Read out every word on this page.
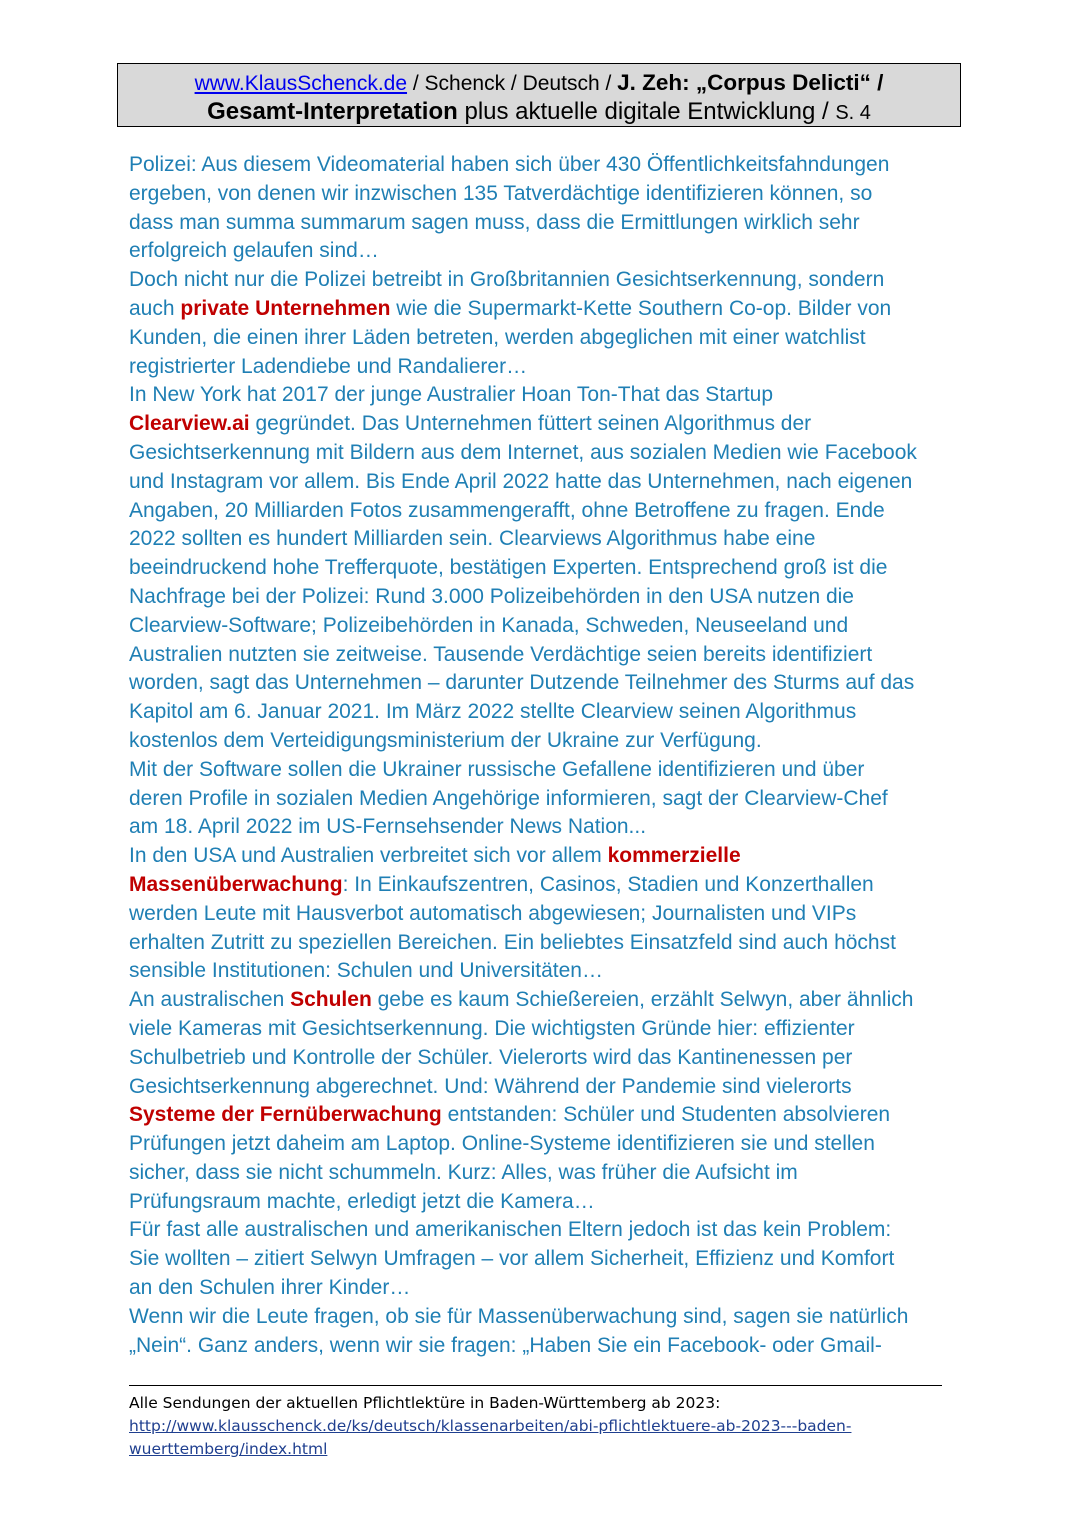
www.KlausSchenck.de / Schenck / Deutsch / J. Zeh: „Corpus Delicti“ /
Gesamt-Interpretation plus aktuelle digitale Entwicklung / S. 4
Polizei: Aus diesem Videomaterial haben sich über 430 Öffentlichkeitsfahndungen
ergeben, von denen wir inzwischen 135 Tatverdächtige identifizieren können, so
dass man summa summarum sagen muss, dass die Ermittlungen wirklich sehr
erfolgreich gelaufen sind…
Doch nicht nur die Polizei betreibt in Großbritannien Gesichtserkennung, sondern
auch private Unternehmen wie die Supermarkt-Kette Southern Co-op. Bilder von
Kunden, die einen ihrer Läden betreten, werden abgeglichen mit einer watchlist
registrierter Ladendiebe und Randalierer…
In New York hat 2017 der junge Australier Hoan Ton-That das Startup
Clearview.ai gegründet. Das Unternehmen füttert seinen Algorithmus der
Gesichtserkennung mit Bildern aus dem Internet, aus sozialen Medien wie Facebook
und Instagram vor allem. Bis Ende April 2022 hatte das Unternehmen, nach eigenen
Angaben, 20 Milliarden Fotos zusammengerafft, ohne Betroffene zu fragen. Ende
2022 sollten es hundert Milliarden sein. Clearviews Algorithmus habe eine
beeindruckend hohe Trefferquote, bestätigen Experten. Entsprechend groß ist die
Nachfrage bei der Polizei: Rund 3.000 Polizeibehörden in den USA nutzen die
Clearview-Software; Polizeibehörden in Kanada, Schweden, Neuseeland und
Australien nutzten sie zeitweise. Tausende Verdächtige seien bereits identifiziert
worden, sagt das Unternehmen – darunter Dutzende Teilnehmer des Sturms auf das
Kapitol am 6. Januar 2021. Im März 2022 stellte Clearview seinen Algorithmus
kostenlos dem Verteidigungsministerium der Ukraine zur Verfügung.
Mit der Software sollen die Ukrainer russische Gefallene identifizieren und über
deren Profile in sozialen Medien Angehörige informieren, sagt der Clearview-Chef
am 18. April 2022 im US-Fernsehsender News Nation...
In den USA und Australien verbreitet sich vor allem kommerzielle
Massenüberwachung: In Einkaufszentren, Casinos, Stadien und Konzerthallen
werden Leute mit Hausverbot automatisch abgewiesen; Journalisten und VIPs
erhalten Zutritt zu speziellen Bereichen. Ein beliebtes Einsatzfeld sind auch höchst
sensible Institutionen: Schulen und Universitäten…
An australischen Schulen gebe es kaum Schießereien, erzählt Selwyn, aber ähnlich
viele Kameras mit Gesichtserkennung. Die wichtigsten Gründe hier: effizienter
Schulbetrieb und Kontrolle der Schüler. Vielerorts wird das Kantinenessen per
Gesichtserkennung abgerechnet. Und: Während der Pandemie sind vielerorts
Systeme der Fernüberwachung entstanden: Schüler und Studenten absolvieren
Prüfungen jetzt daheim am Laptop. Online-Systeme identifizieren sie und stellen
sicher, dass sie nicht schummeln. Kurz: Alles, was früher die Aufsicht im
Prüfungsraum machte, erledigt jetzt die Kamera…
Für fast alle australischen und amerikanischen Eltern jedoch ist das kein Problem:
Sie wollten – zitiert Selwyn Umfragen – vor allem Sicherheit, Effizienz und Komfort
an den Schulen ihrer Kinder…
Wenn wir die Leute fragen, ob sie für Massenüberwachung sind, sagen sie natürlich
„Nein“. Ganz anders, wenn wir sie fragen: „Haben Sie ein Facebook- oder Gmail-
Alle Sendungen der aktuellen Pflichtlektüre in Baden-Württemberg ab 2023:
http://www.klausschenck.de/ks/deutsch/klassenarbeiten/abi-pflichtlektuere-ab-2023---baden-
wuerttemberg/index.html
